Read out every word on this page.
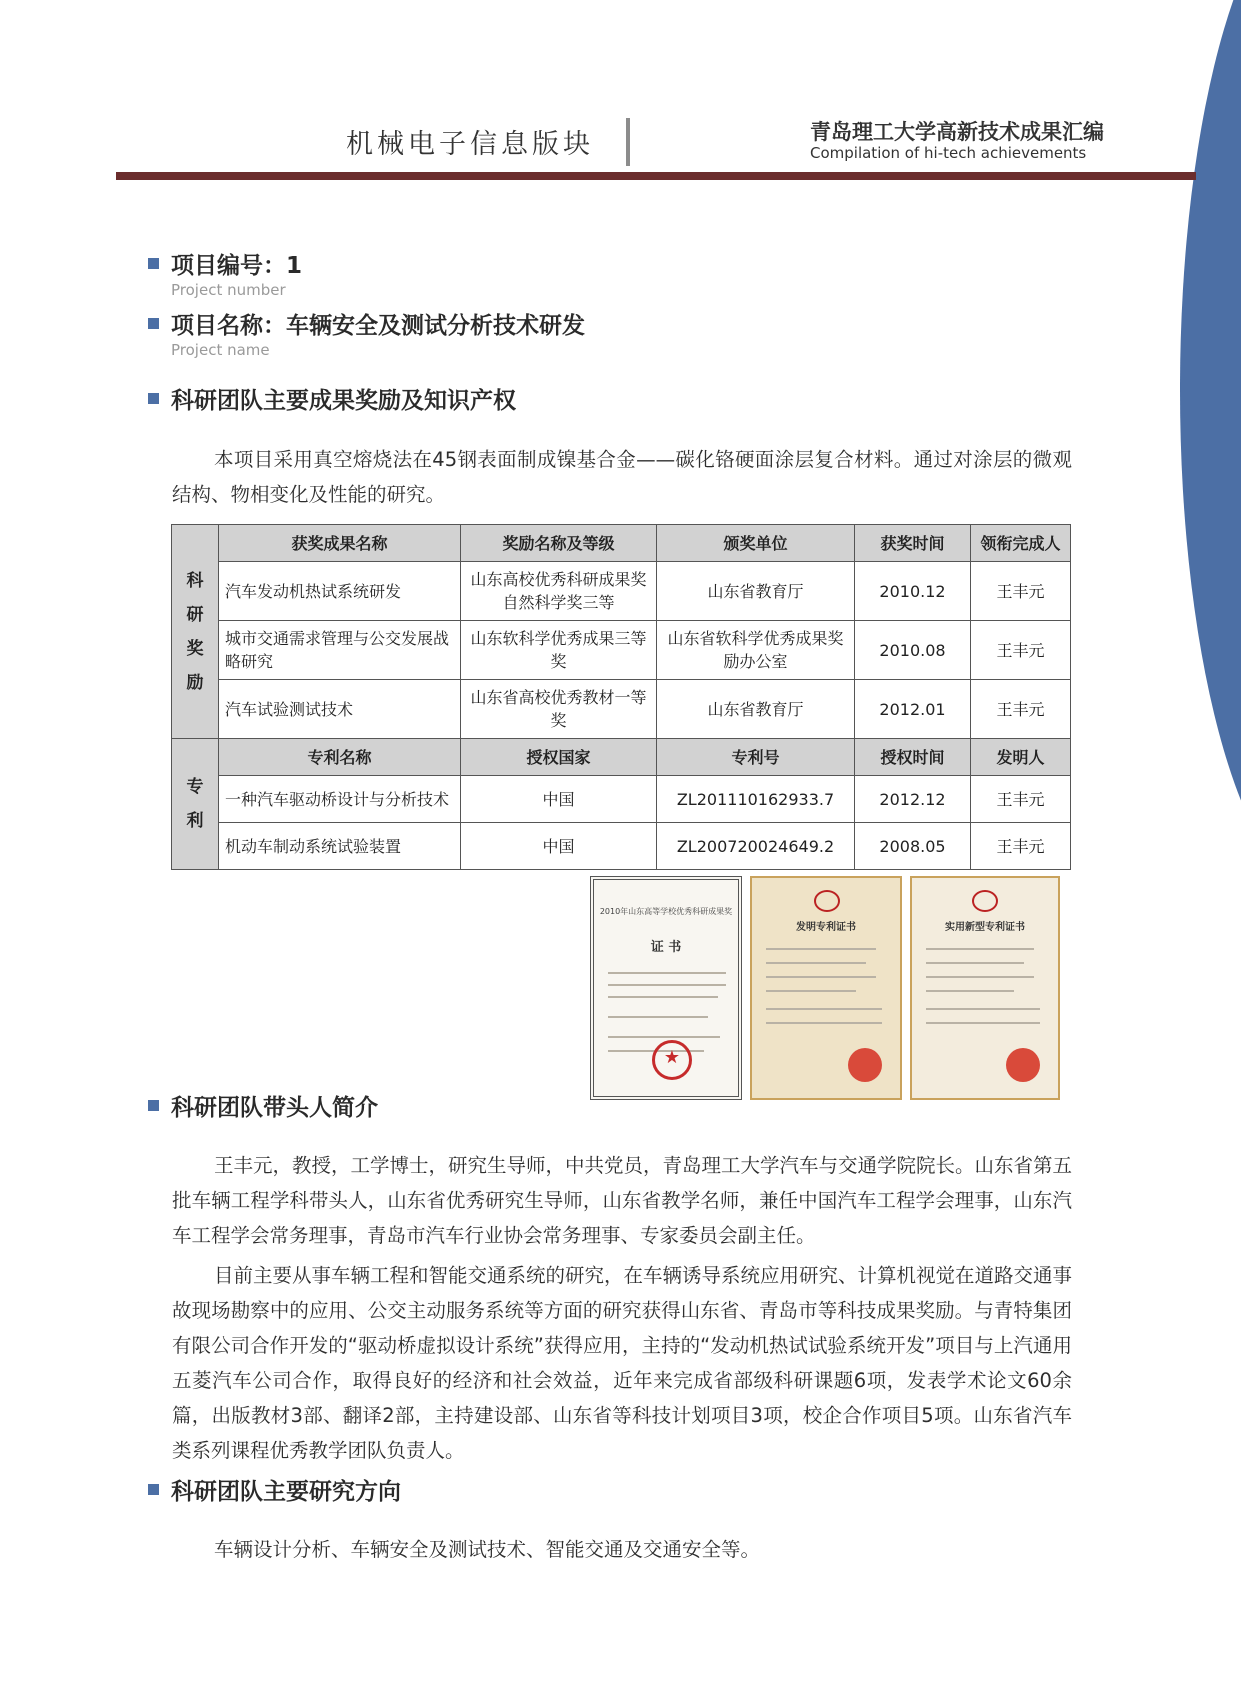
机械电子信息版块	青岛理工大学高新技术成果汇编
Compilation of hi-tech achievements
项目编号：1
Project number
项目名称：车辆安全及测试分析技术研发
Project name
科研团队主要成果奖励及知识产权

本项目采用真空熔烧法在45钢表面制成镍基合金——碳化铬硬面涂层复合材料。通过对涂层的微观结构、物相变化及性能的研究。

科
研
奖
励	获奖成果名称	奖励名称及等级	颁奖单位	获奖时间	领衔完成人
	汽车发动机热试系统研发	山东高校优秀科研成果奖自然科学奖三等	山东省教育厅	2010.12	王丰元
	城市交通需求管理与公交发展战略研究	山东软科学优秀成果三等奖	山东省软科学优秀成果奖励办公室	2010.08	王丰元
	汽车试验测试技术	山东省高校优秀教材一等奖	山东省教育厅	2012.01	王丰元
专
利	专利名称	授权国家	专利号	授权时间	发明人
	一种汽车驱动桥设计与分析技术	中国	ZL201110162933.7	2012.12	王丰元
	机动车制动系统试验装置	中国	ZL200720024649.2	2008.05	王丰元
2010年山东高等学校优秀科研成果奖
证 书
★
发明专利证书	实用新型专利证书
科研团队带头人简介

王丰元，教授，工学博士，研究生导师，中共党员，青岛理工大学汽车与交通学院院长。山东省第五批车辆工程学科带头人，山东省优秀研究生导师，山东省教学名师，兼任中国汽车工程学会理事，山东汽车工程学会常务理事，青岛市汽车行业协会常务理事、专家委员会副主任。

目前主要从事车辆工程和智能交通系统的研究，在车辆诱导系统应用研究、计算机视觉在道路交通事故现场勘察中的应用、公交主动服务系统等方面的研究获得山东省、青岛市等科技成果奖励。与青特集团有限公司合作开发的“驱动桥虚拟设计系统”获得应用，主持的“发动机热试试验系统开发”项目与上汽通用五菱汽车公司合作，取得良好的经济和社会效益，近年来完成省部级科研课题6项，发表学术论文60余篇，出版教材3部、翻译2部，主持建设部、山东省等科技计划项目3项，校企合作项目5项。山东省汽车类系列课程优秀教学团队负责人。

科研团队主要研究方向

车辆设计分析、车辆安全及测试技术、智能交通及交通安全等。
